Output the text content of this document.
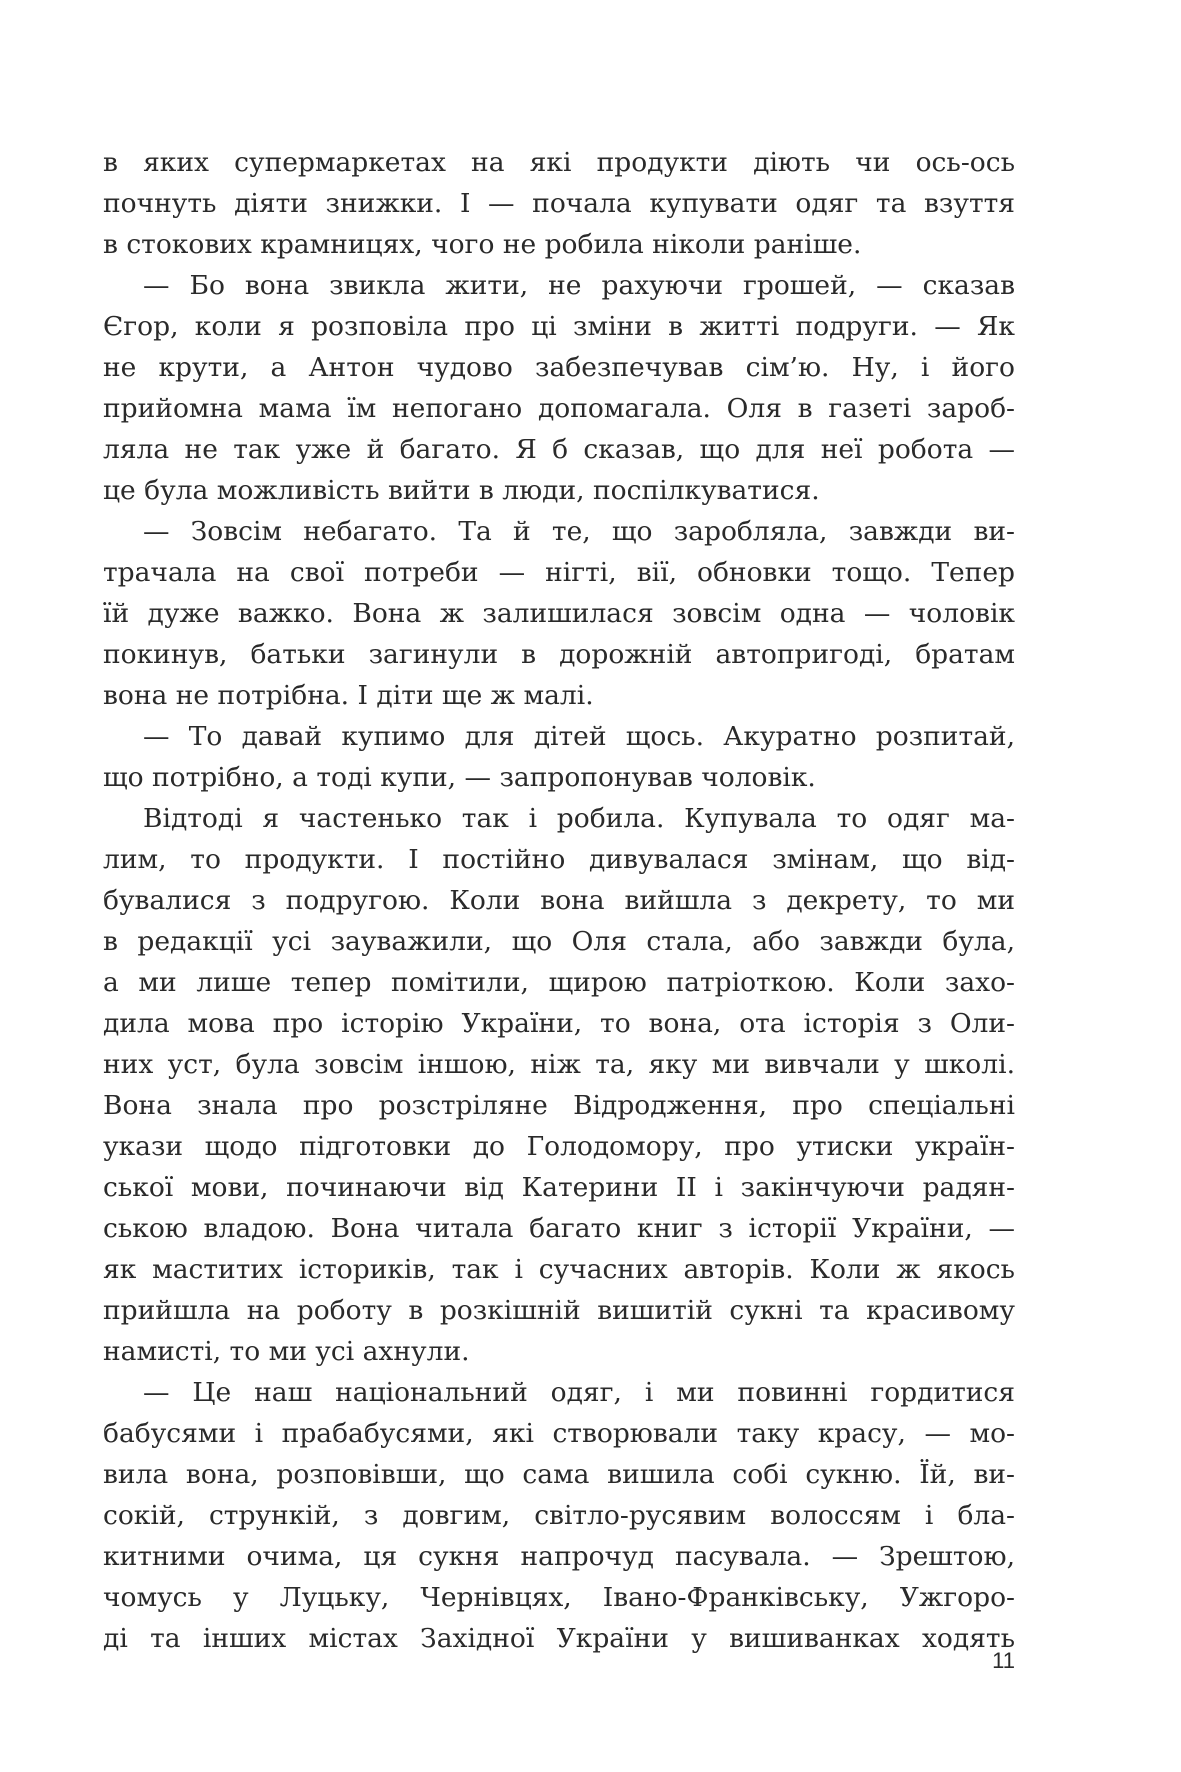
в яких супермаркетах на які продукти діють чи ось-ось
почнуть діяти знижки. І — почала купувати одяг та взуття
в стокових крамницях, чого не робила ніколи раніше.
— Бо вона звикла жити, не рахуючи грошей, — сказав
Єгор, коли я розповіла про ці зміни в житті подруги. — Як
не крути, а Антон чудово забезпечував сім’ю. Ну, і його
прийомна мама їм непогано допомагала. Оля в газеті зароб-
ляла не так уже й багато. Я б сказав, що для неї робота —
це була можливість вийти в люди, поспілкуватися.
— Зовсім небагато. Та й те, що заробляла, завжди ви-
трачала на свої потреби — нігті, вії, обновки тощо. Тепер
їй дуже важко. Вона ж залишилася зовсім одна — чоловік
покинув, батьки загинули в дорожній автопригоді, братам
вона не потрібна. І діти ще ж малі.
— То давай купимо для дітей щось. Акуратно розпитай,
що потрібно, а тоді купи, — запропонував чоловік.
Відтоді я частенько так і робила. Купувала то одяг ма-
лим, то продукти. І постійно дивувалася змінам, що від-
бувалися з подругою. Коли вона вийшла з декрету, то ми
в редакції усі зауважили, що Оля стала, або завжди була,
а ми лише тепер помітили, щирою патріоткою. Коли захо-
дила мова про історію України, то вона, ота історія з Оли-
них уст, була зовсім іншою, ніж та, яку ми вивчали у школі.
Вона знала про розстріляне Відродження, про спеціальні
укази щодо підготовки до Голодомору, про утиски україн-
ської мови, починаючи від Катерини ІІ і закінчуючи радян-
ською владою. Вона читала багато книг з історії України, —
як маститих істориків, так і сучасних авторів. Коли ж якось
прийшла на роботу в розкішній вишитій сукні та красивому
намисті, то ми усі ахнули.
— Це наш національний одяг, і ми повинні гордитися
бабусями і прабабусями, які створювали таку красу, — мо-
вила вона, розповівши, що сама вишила собі сукню. Їй, ви-
сокій, стрункій, з довгим, світло-русявим волоссям і бла-
китними очима, ця сукня напрочуд пасувала. — Зрештою,
чомусь у Луцьку, Чернівцях, Івано-Франківську, Ужгоро-
ді та інших містах Західної України у вишиванках ходять
11
